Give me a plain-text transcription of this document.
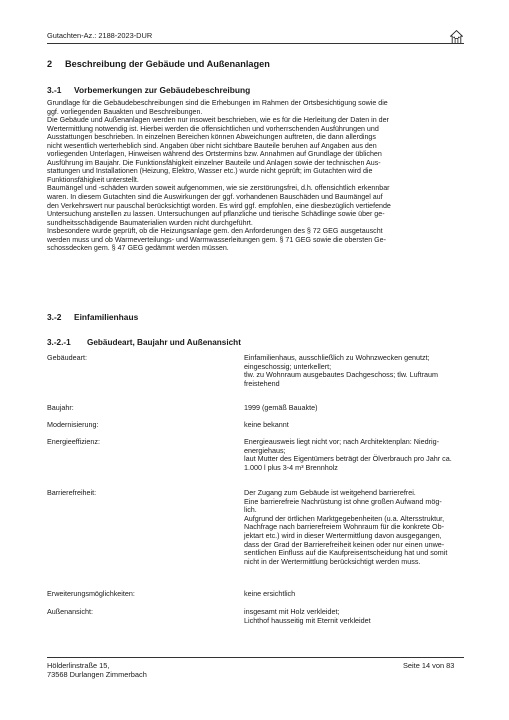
Gutachten-Az.: 2188-2023-DUR
2 Beschreibung der Gebäude und Außenanlagen
3.-1 Vorbemerkungen zur Gebäudebeschreibung
Grundlage für die Gebäudebeschreibungen sind die Erhebungen im Rahmen der Ortsbesichtigung sowie die
ggf. vorliegenden Bauakten und Beschreibungen.
Die Gebäude und Außenanlagen werden nur insoweit beschrieben, wie es für die Herleitung der Daten in der
Wertermittlung notwendig ist. Hierbei werden die offensichtlichen und vorherrschenden Ausführungen und
Ausstattungen beschrieben. In einzelnen Bereichen können Abweichungen auftreten, die dann allerdings
nicht wesentlich werterheblich sind. Angaben über nicht sichtbare Bauteile beruhen auf Angaben aus den
vorliegenden Unterlagen, Hinweisen während des Ortstermins bzw. Annahmen auf Grundlage der üblichen
Ausführung im Baujahr. Die Funktionsfähigkeit einzelner Bauteile und Anlagen sowie der technischen Aus-
stattungen und Installationen (Heizung, Elektro, Wasser etc.) wurde nicht geprüft; im Gutachten wird die
Funktionsfähigkeit unterstellt.
Baumängel und -schäden wurden soweit aufgenommen, wie sie zerstörungsfrei, d.h. offensichtlich erkennbar
waren. In diesem Gutachten sind die Auswirkungen der ggf. vorhandenen Bauschäden und Baumängel auf
den Verkehrswert nur pauschal berücksichtigt worden. Es wird ggf. empfohlen, eine diesbezüglich vertiefende
Untersuchung anstellen zu lassen. Untersuchungen auf pflanzliche und tierische Schädlinge sowie über ge-
sundheitsschädigende Baumaterialien wurden nicht durchgeführt.
Insbesondere wurde geprüft, ob die Heizungsanlage gem. den Anforderungen des § 72 GEG ausgetauscht
werden muss und ob Warmeverteilungs- und Warmwasserleitungen gem. § 71 GEG sowie die obersten Ge-
schossdecken gem. § 47 GEG gedämmt werden müssen.
3.-2 Einfamilienhaus
3.-2.-1 Gebäudeart, Baujahr und Außenansicht
Gebäudeart:	Einfamilienhaus, ausschließlich zu Wohnzwecken genutzt;
eingeschossig; unterkellert;
tlw. zu Wohnraum ausgebautes Dachgeschoss; tlw. Luftraum
freistehend
Baujahr:	1999 (gemäß Bauakte)
Modernisierung:	keine bekannt
Energieeffizienz:	Energieausweis liegt nicht vor; nach Architektenplan: Niedrig-
energiehaus;
laut Mutter des Eigentümers beträgt der Ölverbrauch pro Jahr ca.
1.000 l plus 3-4 m³ Brennholz
Barrierefreiheit:	Der Zugang zum Gebäude ist weitgehend barrierefrei.
Eine barrierefreie Nachrüstung ist ohne großen Aufwand mög-
lich.
Aufgrund der örtlichen Marktgegebenheiten (u.a. Altersstruktur,
Nachfrage nach barrierefreiem Wohnraum für die konkrete Ob-
jektart etc.) wird in dieser Wertermittlung davon ausgegangen,
dass der Grad der Barrierefreiheit keinen oder nur einen unwe-
sentlichen Einfluss auf die Kaufpreisentscheidung hat und somit
nicht in der Wertermittlung berücksichtigt werden muss.
Erweiterungsmöglichkeiten:	keine ersichtlich
Außenansicht:	insgesamt mit Holz verkleidet;
Lichthof hausseitig mit Eternit verkleidet
Hölderlinstraße 15,
73568 Durlangen Zimmerbach
Seite 14 von 83
